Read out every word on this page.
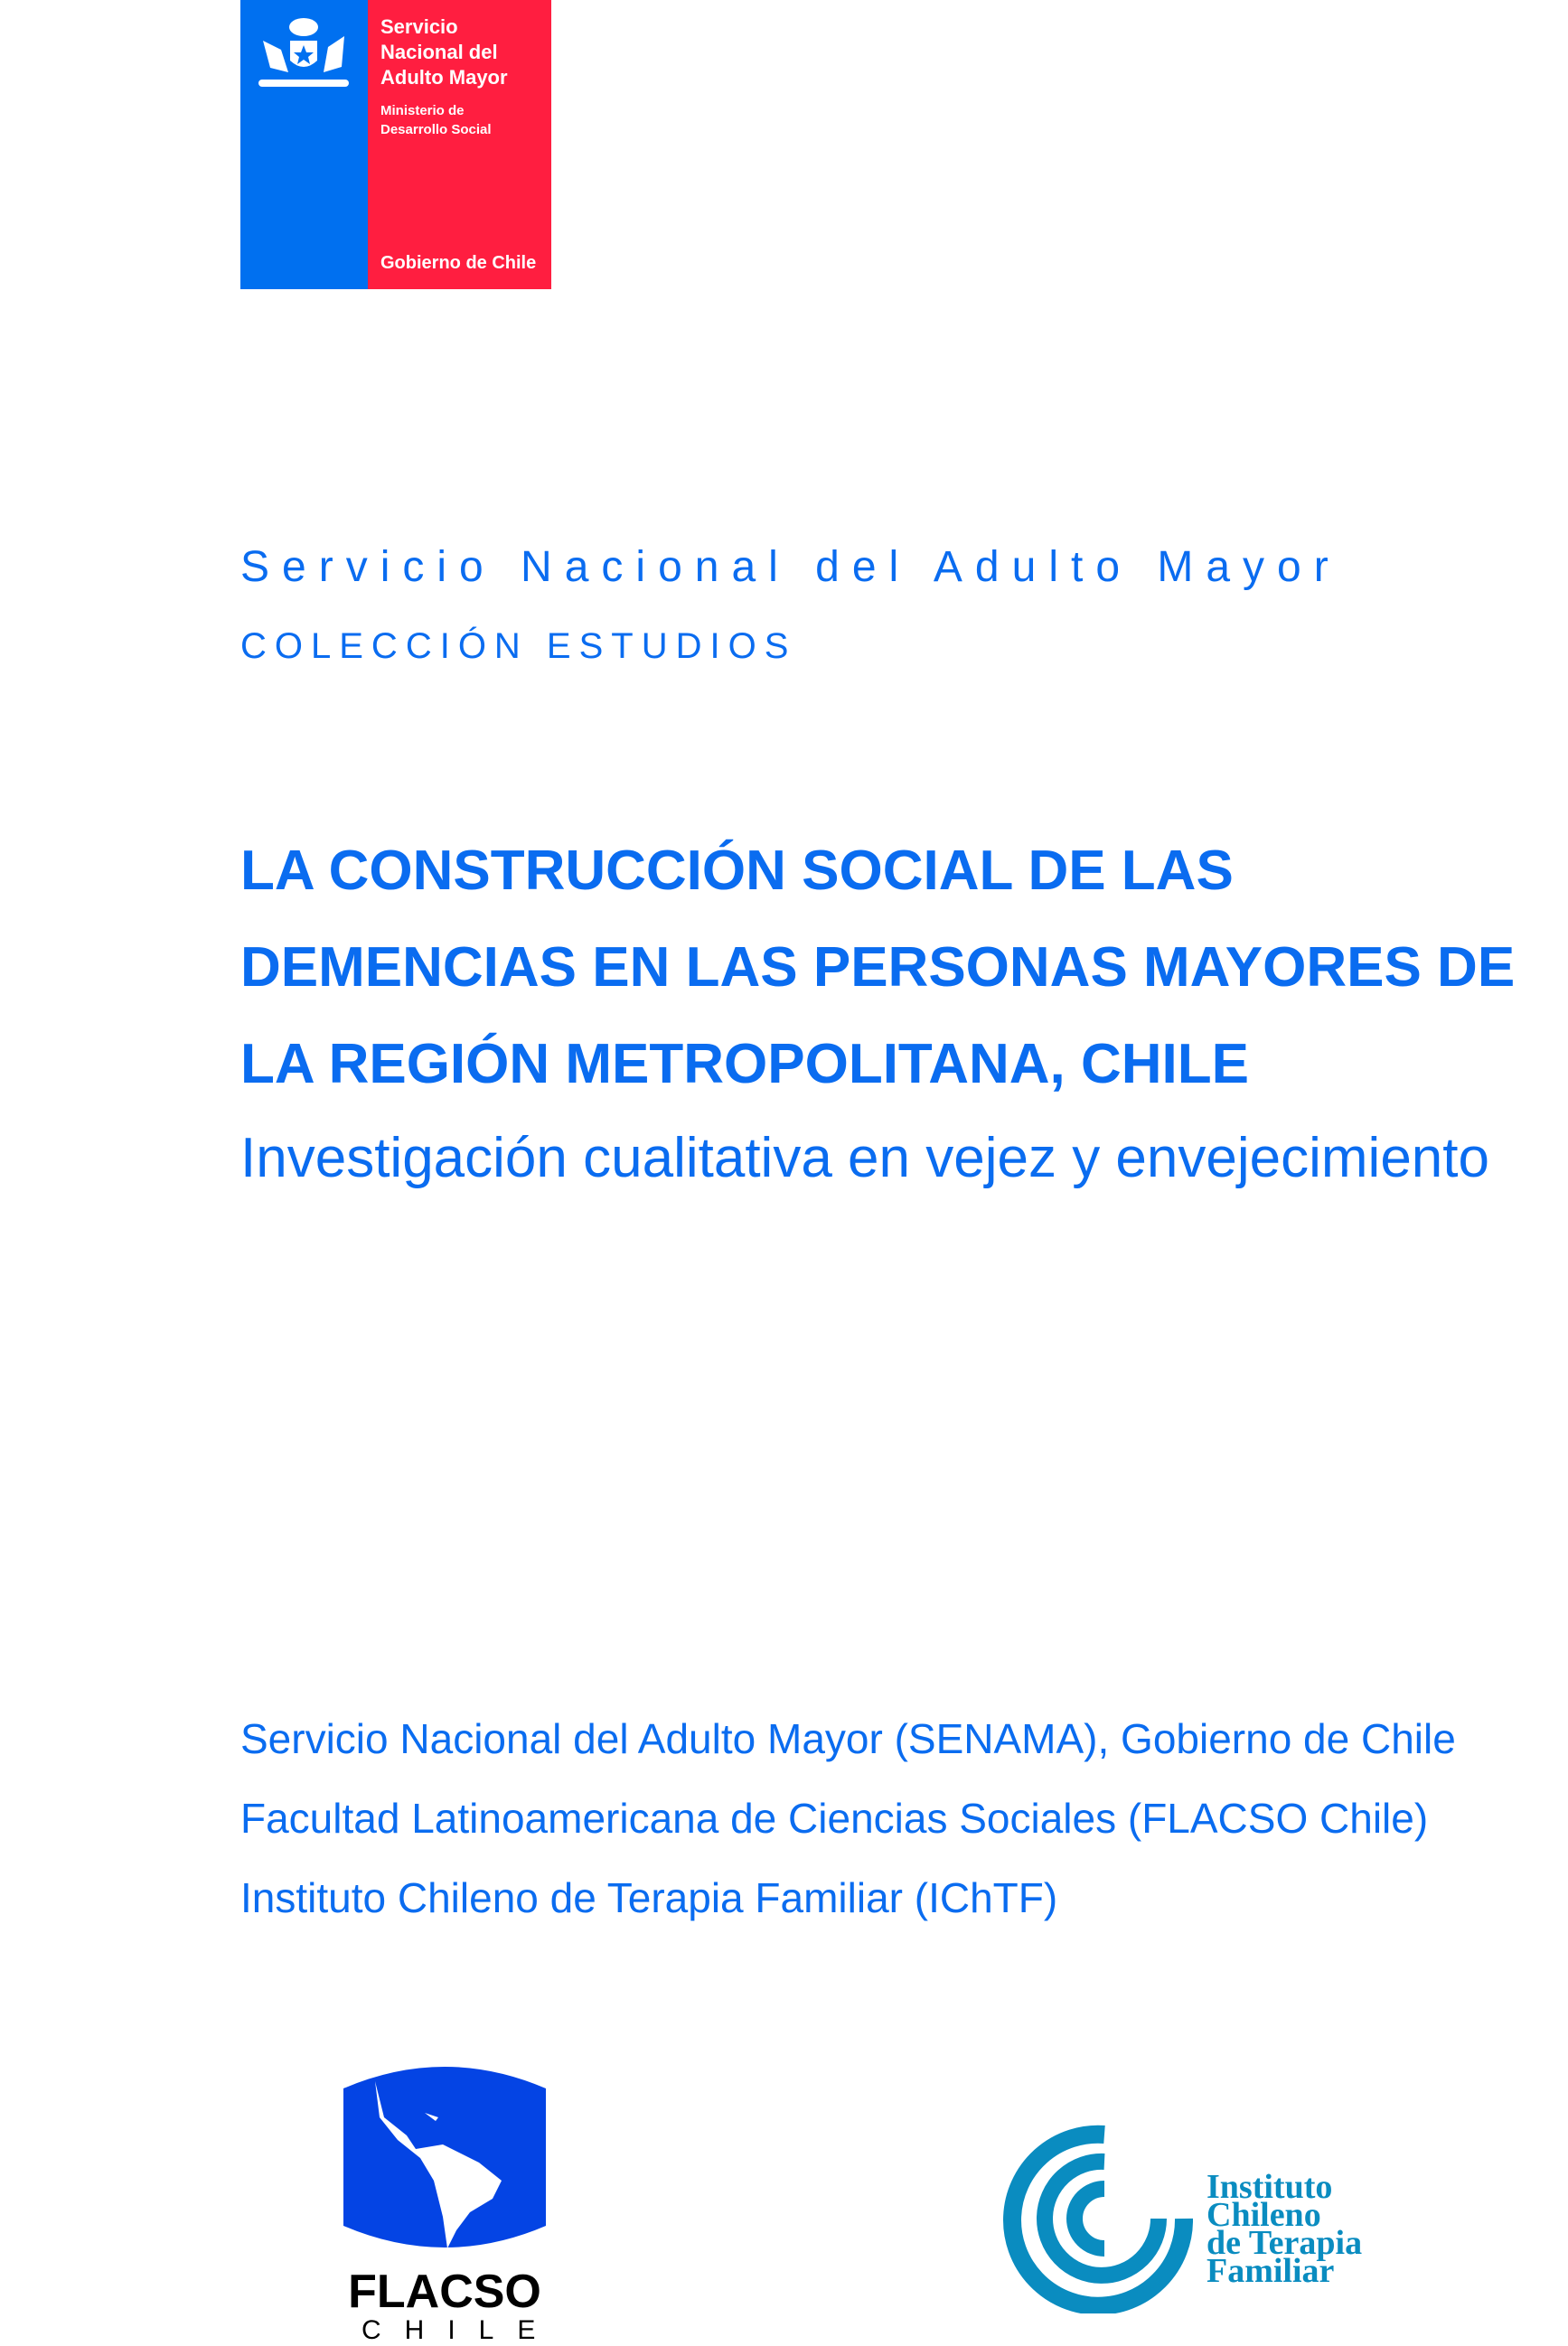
Servicio Nacional del Adulto Mayor
Ministerio de Desarrollo Social
Gobierno de Chile
Servicio Nacional del Adulto Mayor
COLECCIÓN ESTUDIOS
LA CONSTRUCCIÓN SOCIAL DE LAS DEMENCIAS EN LAS PERSONAS MAYORES DE LA REGIÓN METROPOLITANA, CHILE
Investigación cualitativa en vejez y envejecimiento
Servicio Nacional del Adulto Mayor (SENAMA), Gobierno de Chile
Facultad Latinoamericana de Ciencias Sociales (FLACSO Chile)
Instituto Chileno de Terapia Familiar (IChTF)
FLACSO
CHILE
Instituto
Chileno
de Terapia
Familiar
